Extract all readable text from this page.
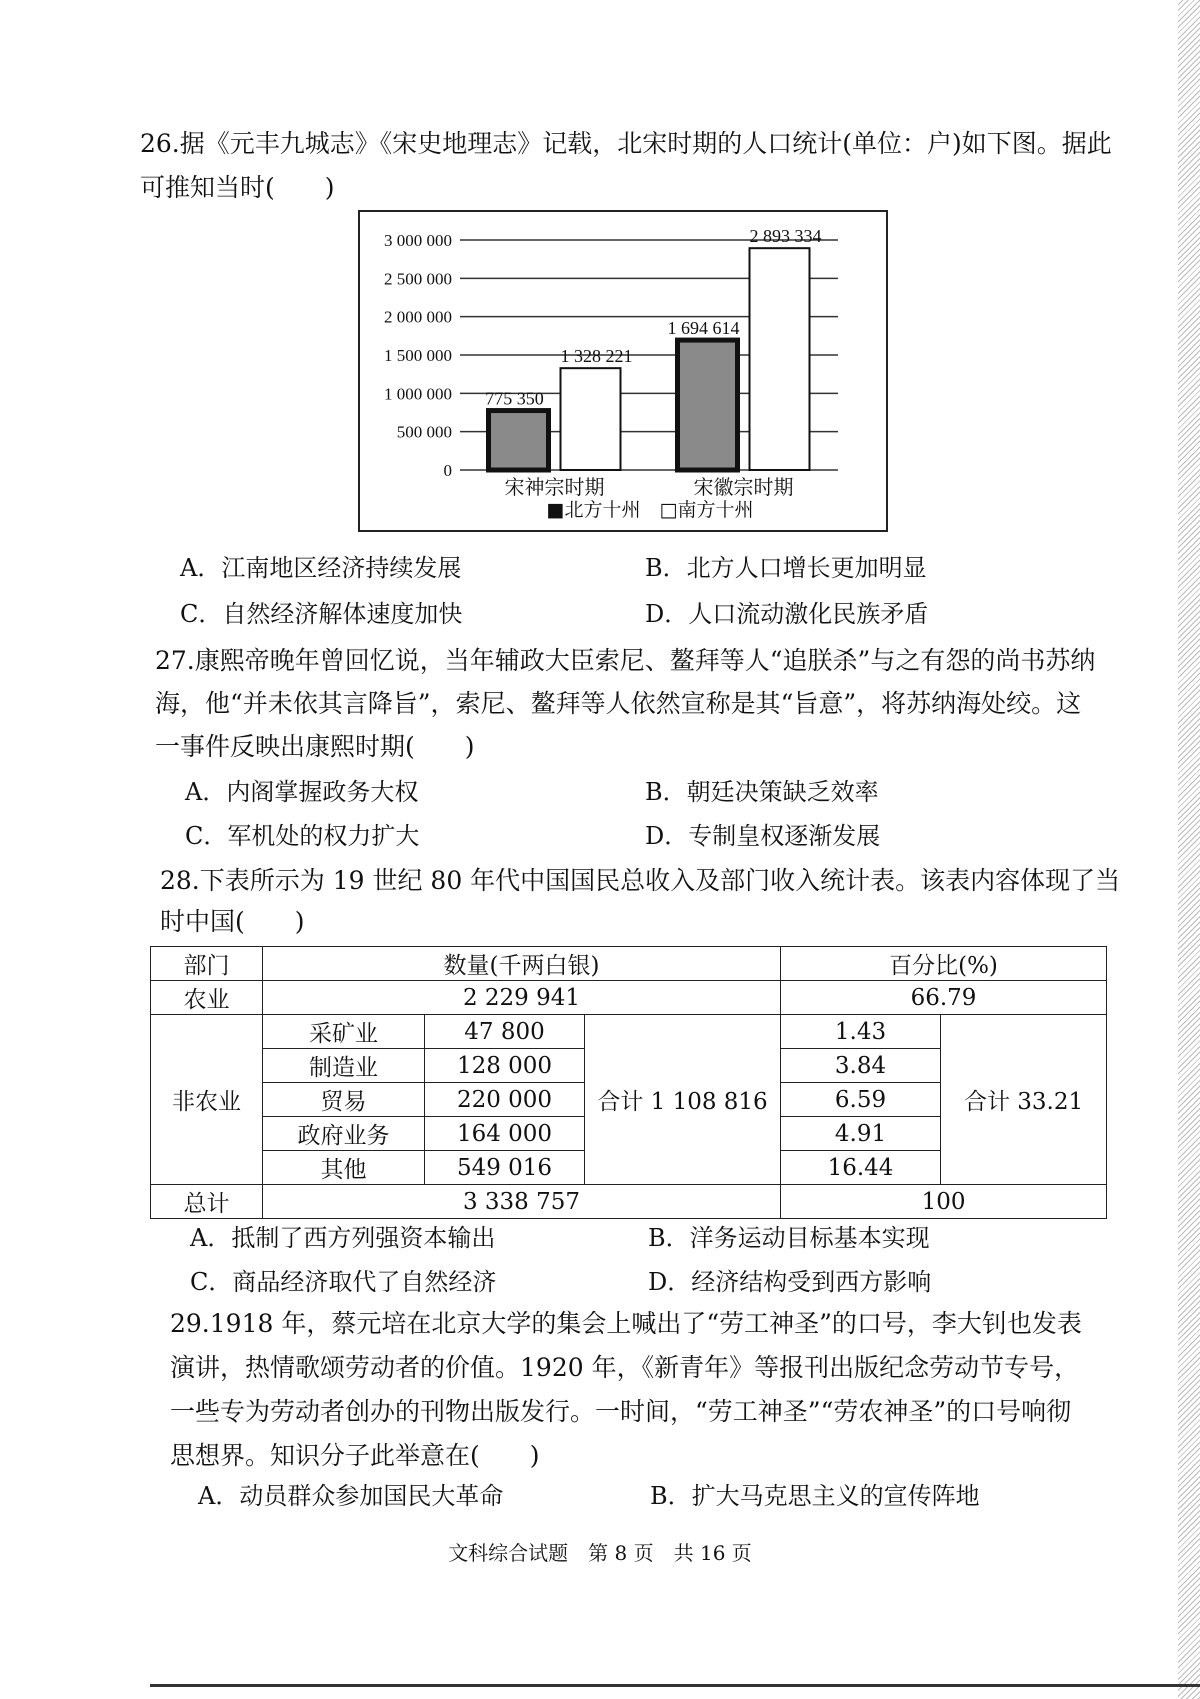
26.据《元丰九城志》《宋史地理志》记载，北宋时期的人口统计(单位：户)如下图。据此
可推知当时(　　)
0
500 000
1 000 000
1 500 000
2 000 000
2 500 000
3 000 000
775 350
1 328 221
宋神宗时期
1 694 614
2 893 334
宋徽宗时期
■北方十州　□南方十州
A．江南地区经济持续发展	B．北方人口增长更加明显
C．自然经济解体速度加快	D．人口流动激化民族矛盾
27.康熙帝晚年曾回忆说，当年辅政大臣索尼、鳌拜等人“追朕杀”与之有怨的尚书苏纳
海，他“并未依其言降旨”，索尼、鳌拜等人依然宣称是其“旨意”，将苏纳海处绞。这
一事件反映出康熙时期(　　)
A．内阁掌握政务大权	B．朝廷决策缺乏效率
C．军机处的权力扩大	D．专制皇权逐渐发展
28.下表所示为 19 世纪 80 年代中国国民总收入及部门收入统计表。该表内容体现了当
时中国(　　)
部门	数量(千两白银)			百分比(%)	
农业	2 229 941			66.79	
非农业	采矿业	47 800	合计 1 108 816	1.43	合计 33.21
	制造业	128 000		3.84	
	贸易	220 000		6.59	
	政府业务	164 000		4.91	
	其他	549 016		16.44	
总计	3 338 757			100	
A．抵制了西方列强资本输出	B．洋务运动目标基本实现
C．商品经济取代了自然经济	D．经济结构受到西方影响
29.1918 年，蔡元培在北京大学的集会上喊出了“劳工神圣”的口号，李大钊也发表演讲，热情歌颂劳动者的价值。1920 年，《新青年》等报刊出版纪念劳动节专号，一些专为劳动者创办的刊物出版发行。一时间，“劳工神圣”“劳农神圣”的口号响彻思想界。知识分子此举意在(　　)
A．动员群众参加国民大革命	B．扩大马克思主义的宣传阵地
文科综合试题　第 8 页　共 16 页
